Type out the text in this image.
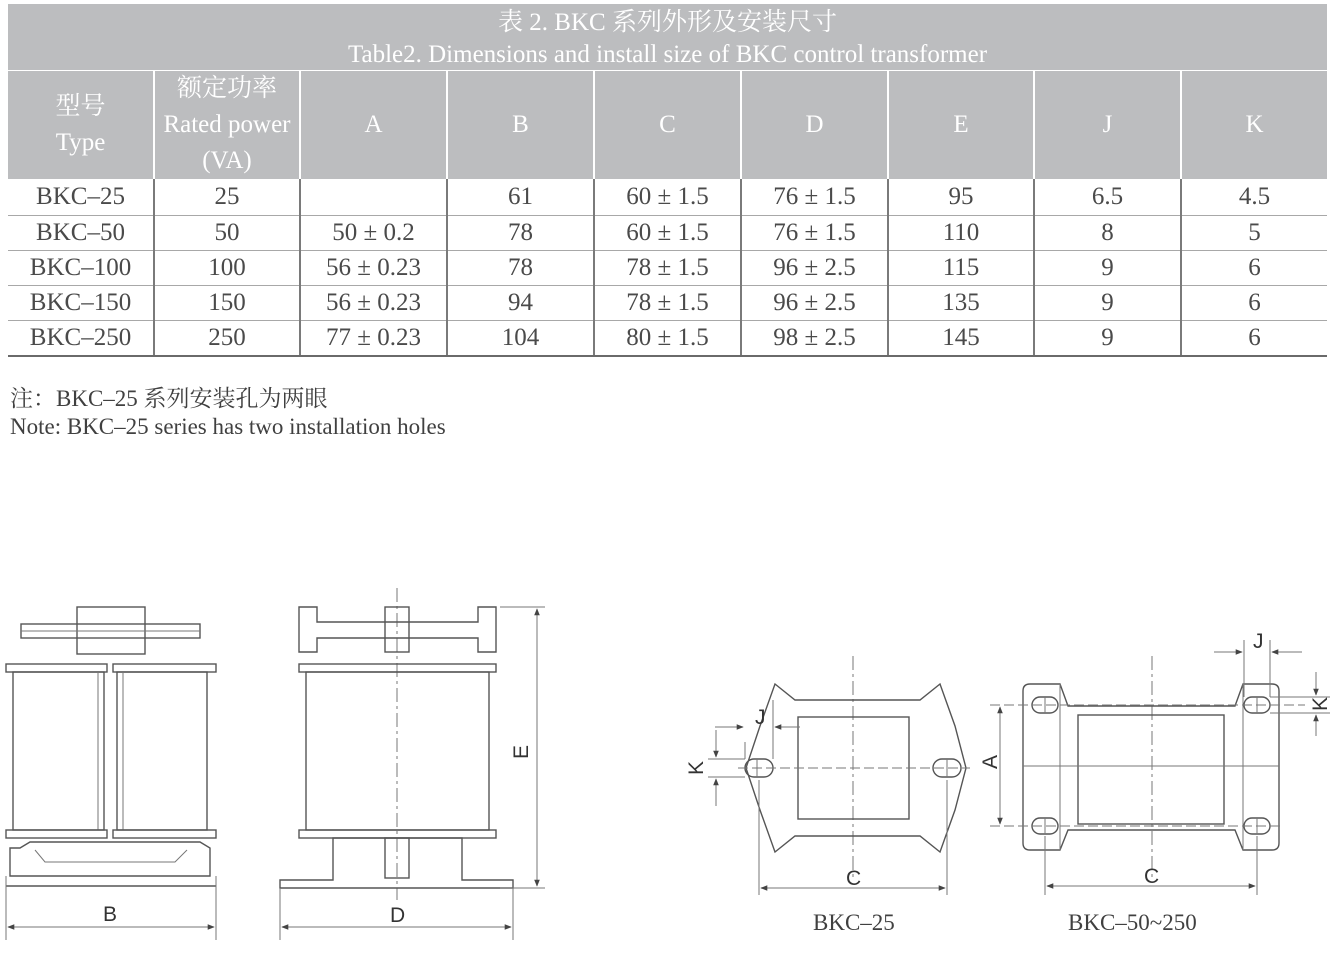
表 2. BKC 系列外形及安装尺寸
Table2. Dimensions and install size of BKC control transformer
型号
Type	额定功率
Rated power
(VA)	A	B	C	D	E	J	K
BKC–25	25		61	60 ± 1.5	76 ± 1.5	95	6.5	4.5
BKC–50	50	50 ± 0.2	78	60 ± 1.5	76 ± 1.5	110	8	5
BKC–100	100	56 ± 0.23	78	78 ± 1.5	96 ± 2.5	115	9	6
BKC–150	150	56 ± 0.23	94	78 ± 1.5	96 ± 2.5	135	9	6
BKC–250	250	77 ± 0.23	104	80 ± 1.5	98 ± 2.5	145	9	6
注：BKC–25 系列安装孔为两眼
Note: BKC–25 series has two installation holes
B
E
D
K
J
C
A
J
K
C
BKC–25	BKC–50~250
